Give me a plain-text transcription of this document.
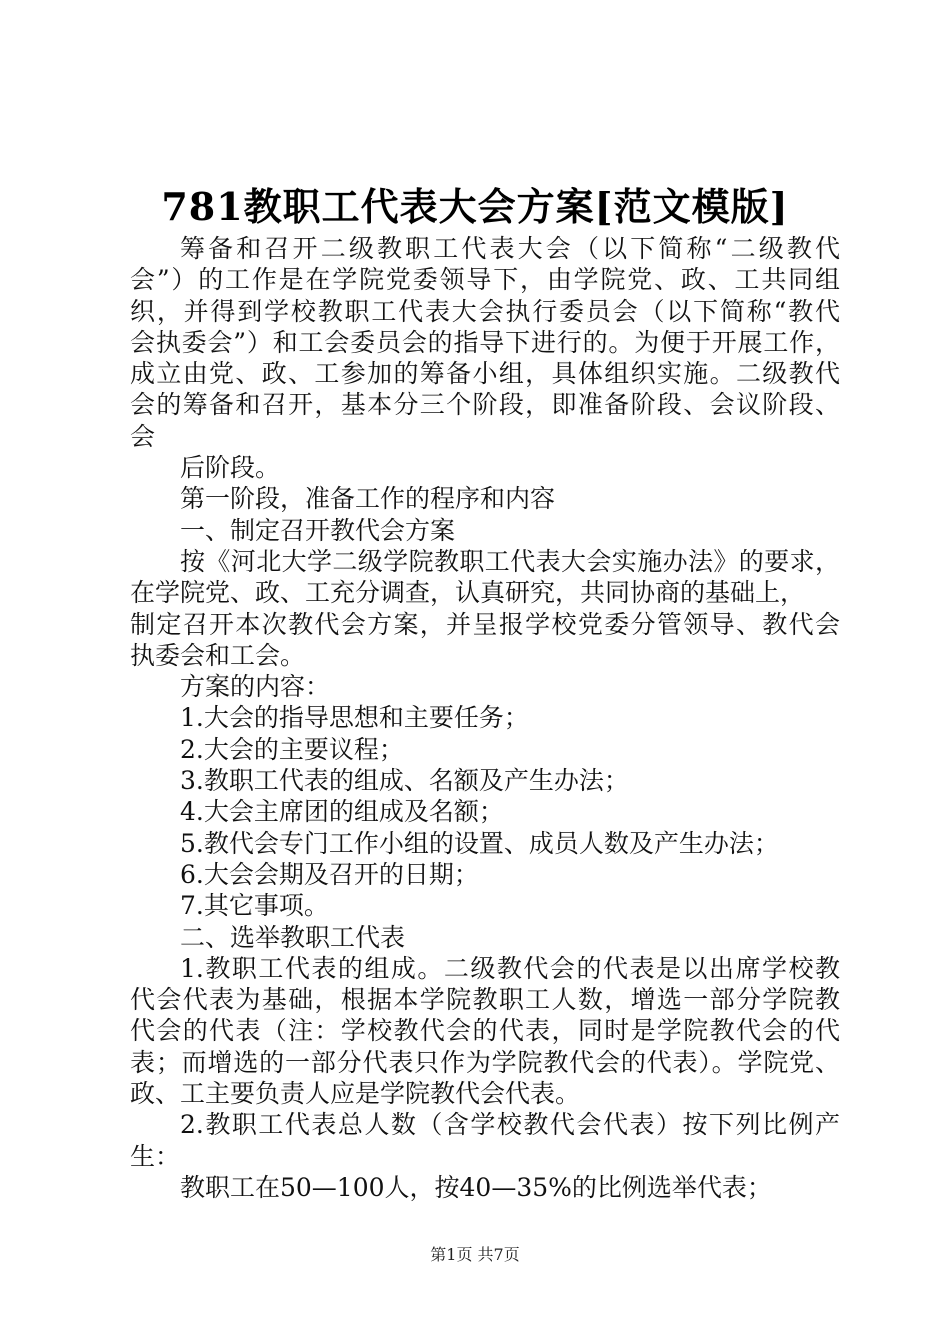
781教职工代表大会方案[范文模版]
筹备和召开二级教职工代表大会（以下简称“二级教代
会”）的工作是在学院党委领导下，由学院党、政、工共同组
织，并得到学校教职工代表大会执行委员会（以下简称“教代
会执委会”）和工会委员会的指导下进行的。为便于开展工作，
成立由党、政、工参加的筹备小组，具体组织实施。二级教代
会的筹备和召开，基本分三个阶段，即准备阶段、会议阶段、
会
后阶段。
第一阶段，准备工作的程序和内容
一、制定召开教代会方案
按《河北大学二级学院教职工代表大会实施办法》的要求，
在学院党、政、工充分调查，认真研究，共同协商的基础上，
制定召开本次教代会方案，并呈报学校党委分管领导、教代会
执委会和工会。
方案的内容：
1.大会的指导思想和主要任务；
2.大会的主要议程；
3.教职工代表的组成、名额及产生办法；
4.大会主席团的组成及名额；
5.教代会专门工作小组的设置、成员人数及产生办法；
6.大会会期及召开的日期；
7.其它事项。
二、选举教职工代表
1.教职工代表的组成。二级教代会的代表是以出席学校教
代会代表为基础，根据本学院教职工人数，增选一部分学院教
代会的代表（注：学校教代会的代表，同时是学院教代会的代
表；而增选的一部分代表只作为学院教代会的代表）。学院党、
政、工主要负责人应是学院教代会代表。
2.教职工代表总人数（含学校教代会代表）按下列比例产
生：
教职工在50—100人，按40—35%的比例选举代表；
第1页 共7页
